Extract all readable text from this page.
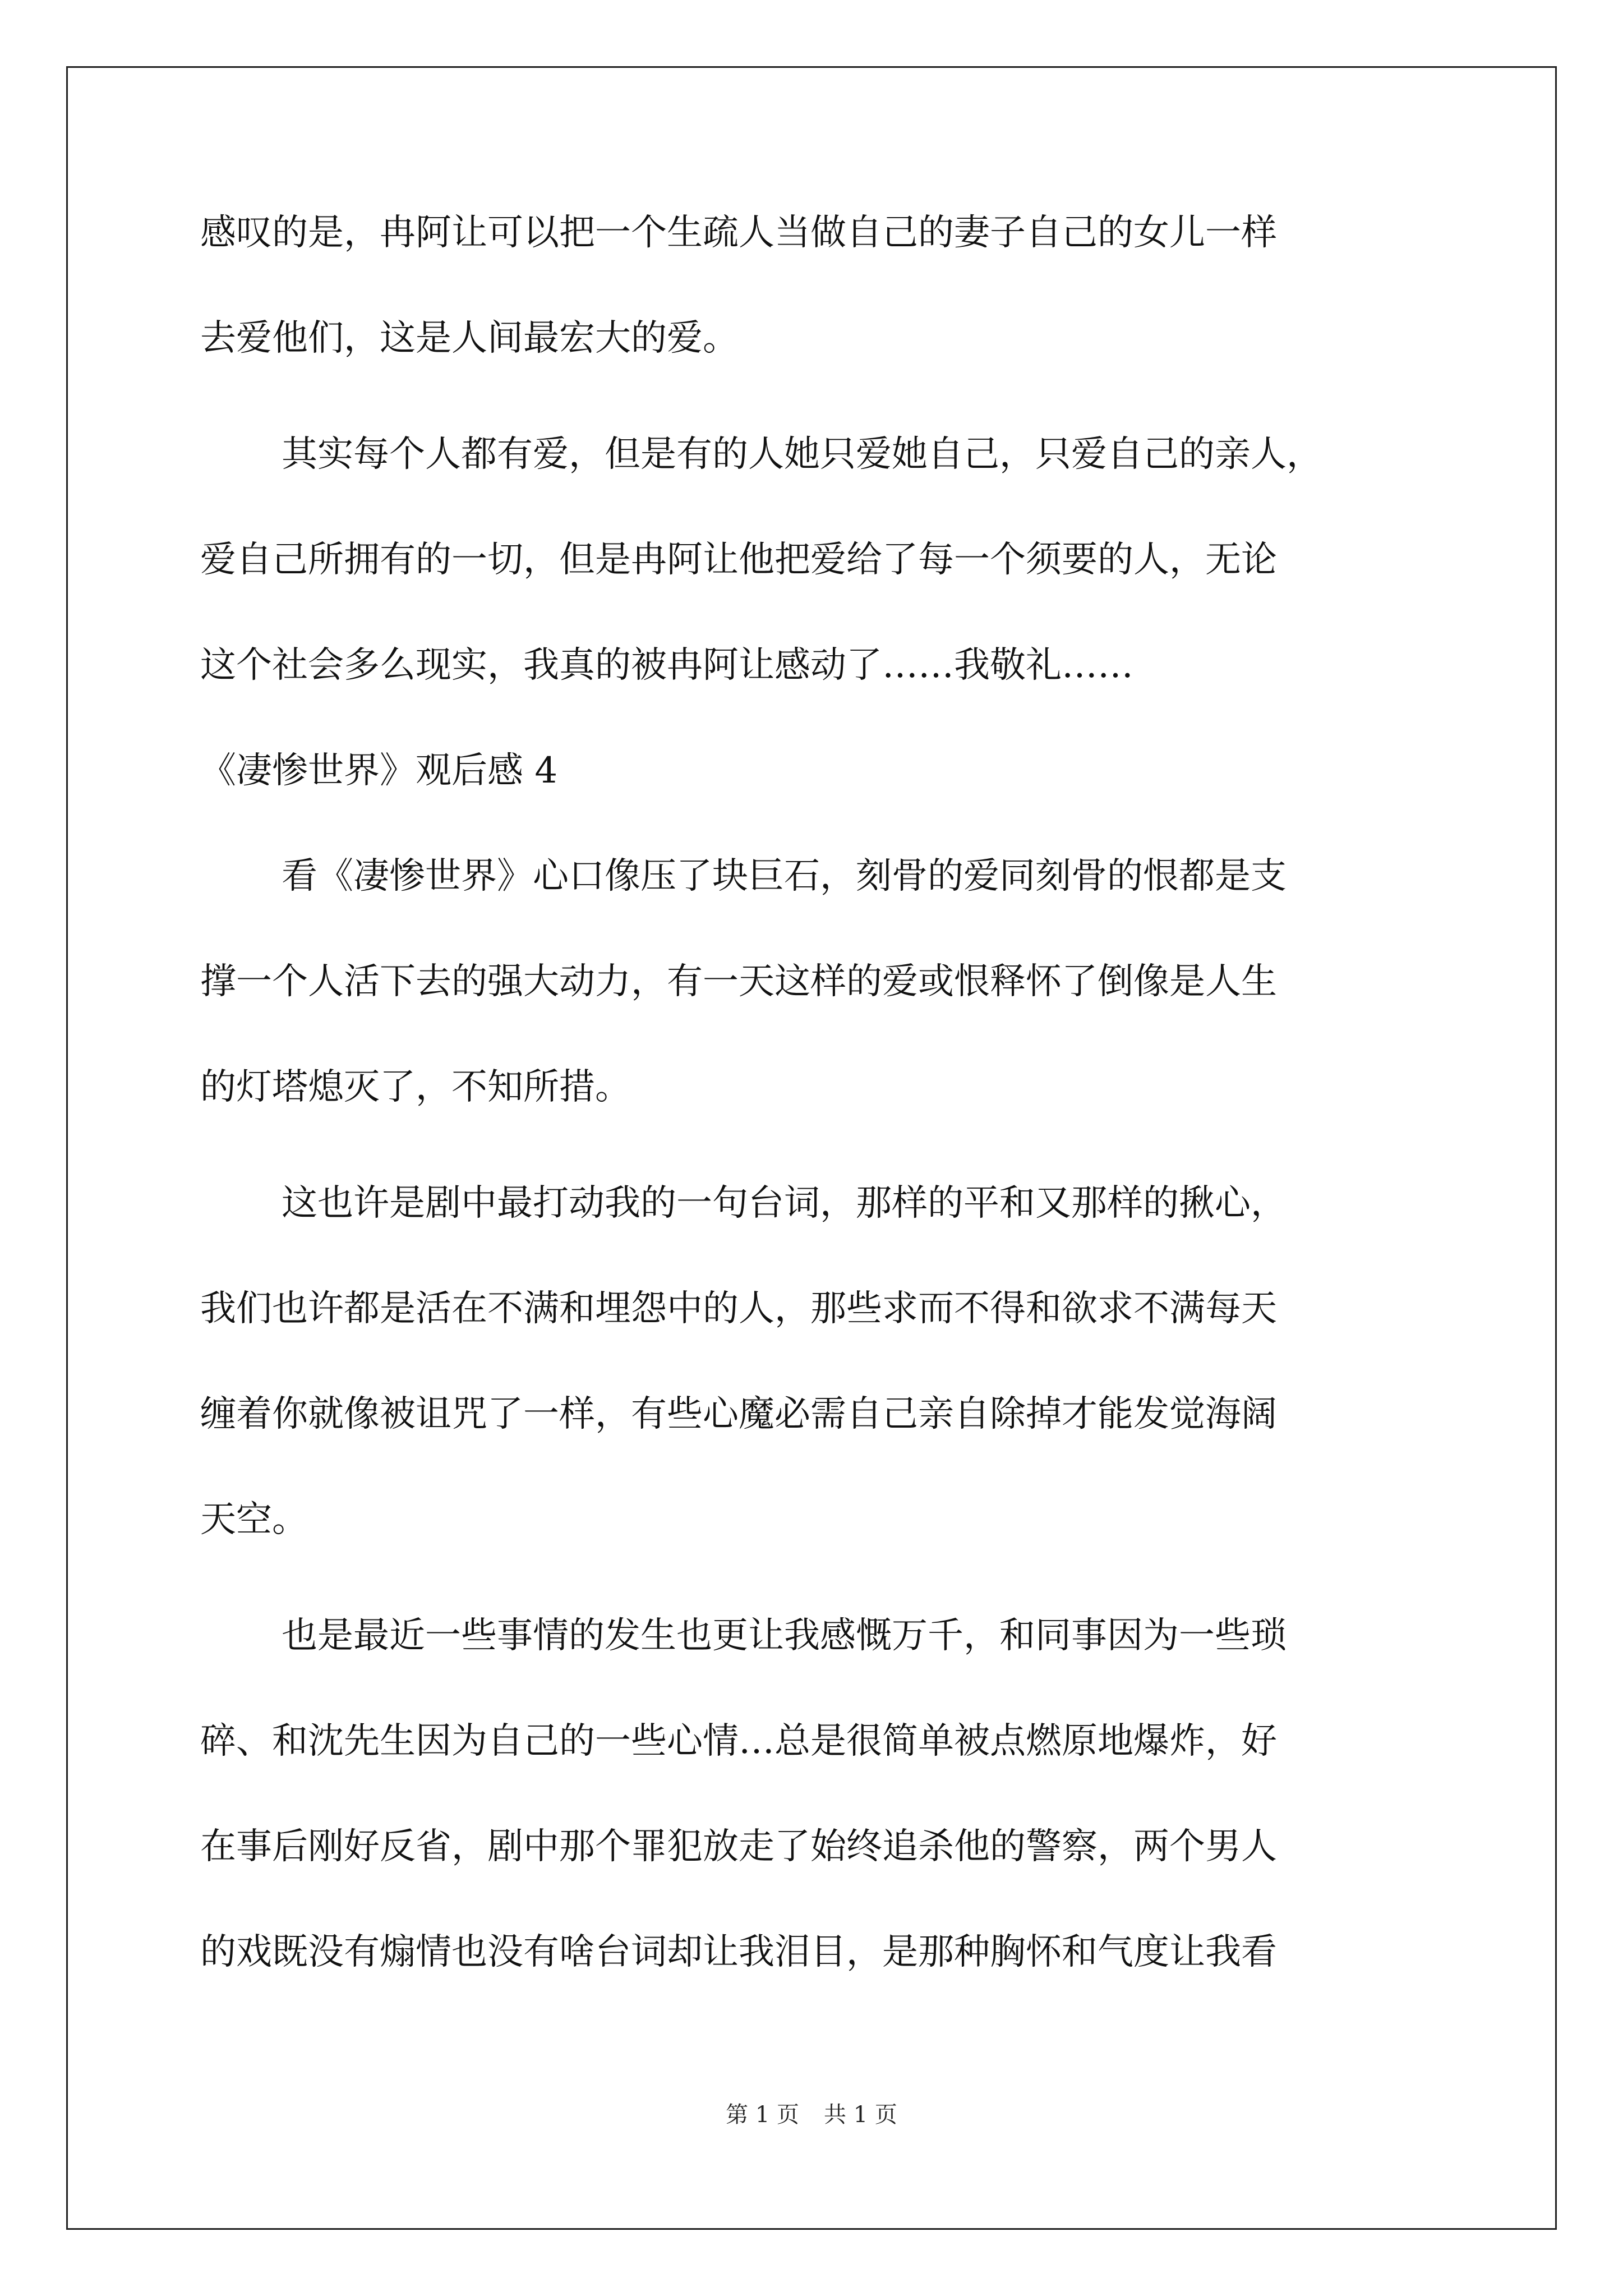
感叹的是，冉阿让可以把一个生疏人当做自己的妻子自己的女儿一样
去爱他们，这是人间最宏大的爱。
其实每个人都有爱，但是有的人她只爱她自己，只爱自己的亲人，
爱自己所拥有的一切，但是冉阿让他把爱给了每一个须要的人，无论
这个社会多么现实，我真的被冉阿让感动了……我敬礼……
《凄惨世界》观后感 4
看《凄惨世界》心口像压了块巨石，刻骨的爱同刻骨的恨都是支
撑一个人活下去的强大动力，有一天这样的爱或恨释怀了倒像是人生
的灯塔熄灭了，不知所措。
这也许是剧中最打动我的一句台词，那样的平和又那样的揪心，
我们也许都是活在不满和埋怨中的人，那些求而不得和欲求不满每天
缠着你就像被诅咒了一样，有些心魔必需自己亲自除掉才能发觉海阔
天空。
也是最近一些事情的发生也更让我感慨万千，和同事因为一些琐
碎、和沈先生因为自己的一些心情…总是很简单被点燃原地爆炸，好
在事后刚好反省，剧中那个罪犯放走了始终追杀他的警察，两个男人
的戏既没有煽情也没有啥台词却让我泪目，是那种胸怀和气度让我看
第 1 页 共 1 页
